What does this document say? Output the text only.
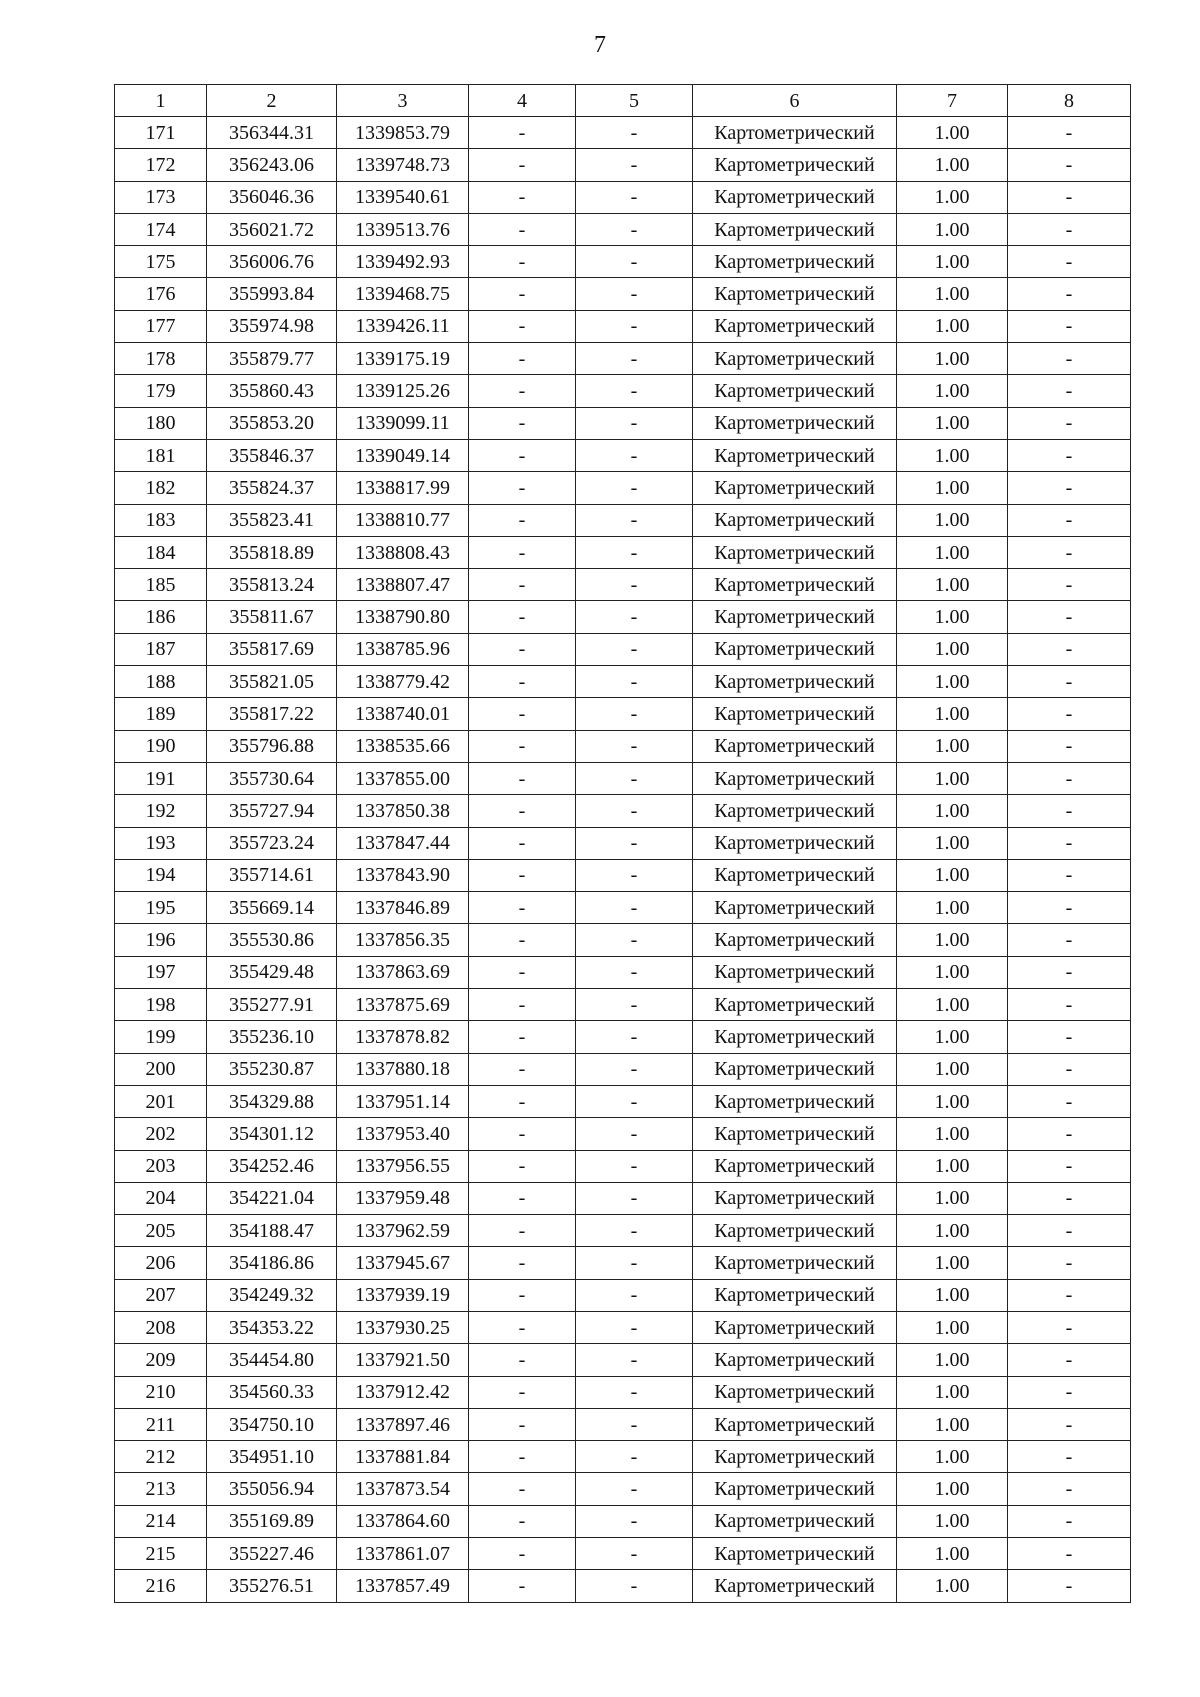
7
1	2	3	4	5	6	7	8
171	356344.31	1339853.79	-	-	Картометрический	1.00	-
172	356243.06	1339748.73	-	-	Картометрический	1.00	-
173	356046.36	1339540.61	-	-	Картометрический	1.00	-
174	356021.72	1339513.76	-	-	Картометрический	1.00	-
175	356006.76	1339492.93	-	-	Картометрический	1.00	-
176	355993.84	1339468.75	-	-	Картометрический	1.00	-
177	355974.98	1339426.11	-	-	Картометрический	1.00	-
178	355879.77	1339175.19	-	-	Картометрический	1.00	-
179	355860.43	1339125.26	-	-	Картометрический	1.00	-
180	355853.20	1339099.11	-	-	Картометрический	1.00	-
181	355846.37	1339049.14	-	-	Картометрический	1.00	-
182	355824.37	1338817.99	-	-	Картометрический	1.00	-
183	355823.41	1338810.77	-	-	Картометрический	1.00	-
184	355818.89	1338808.43	-	-	Картометрический	1.00	-
185	355813.24	1338807.47	-	-	Картометрический	1.00	-
186	355811.67	1338790.80	-	-	Картометрический	1.00	-
187	355817.69	1338785.96	-	-	Картометрический	1.00	-
188	355821.05	1338779.42	-	-	Картометрический	1.00	-
189	355817.22	1338740.01	-	-	Картометрический	1.00	-
190	355796.88	1338535.66	-	-	Картометрический	1.00	-
191	355730.64	1337855.00	-	-	Картометрический	1.00	-
192	355727.94	1337850.38	-	-	Картометрический	1.00	-
193	355723.24	1337847.44	-	-	Картометрический	1.00	-
194	355714.61	1337843.90	-	-	Картометрический	1.00	-
195	355669.14	1337846.89	-	-	Картометрический	1.00	-
196	355530.86	1337856.35	-	-	Картометрический	1.00	-
197	355429.48	1337863.69	-	-	Картометрический	1.00	-
198	355277.91	1337875.69	-	-	Картометрический	1.00	-
199	355236.10	1337878.82	-	-	Картометрический	1.00	-
200	355230.87	1337880.18	-	-	Картометрический	1.00	-
201	354329.88	1337951.14	-	-	Картометрический	1.00	-
202	354301.12	1337953.40	-	-	Картометрический	1.00	-
203	354252.46	1337956.55	-	-	Картометрический	1.00	-
204	354221.04	1337959.48	-	-	Картометрический	1.00	-
205	354188.47	1337962.59	-	-	Картометрический	1.00	-
206	354186.86	1337945.67	-	-	Картометрический	1.00	-
207	354249.32	1337939.19	-	-	Картометрический	1.00	-
208	354353.22	1337930.25	-	-	Картометрический	1.00	-
209	354454.80	1337921.50	-	-	Картометрический	1.00	-
210	354560.33	1337912.42	-	-	Картометрический	1.00	-
211	354750.10	1337897.46	-	-	Картометрический	1.00	-
212	354951.10	1337881.84	-	-	Картометрический	1.00	-
213	355056.94	1337873.54	-	-	Картометрический	1.00	-
214	355169.89	1337864.60	-	-	Картометрический	1.00	-
215	355227.46	1337861.07	-	-	Картометрический	1.00	-
216	355276.51	1337857.49	-	-	Картометрический	1.00	-
